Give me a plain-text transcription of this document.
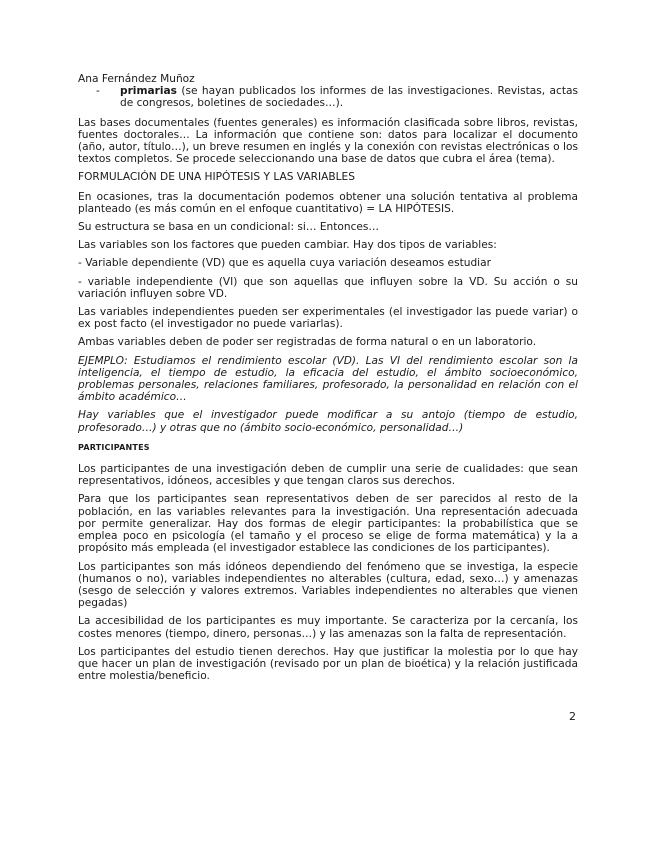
Ana Fernández Muñoz
-	primarias (se hayan publicados los informes de las investigaciones. Revistas, actas de congresos, boletines de sociedades…).

Las bases documentales (fuentes generales) es información clasificada sobre libros, revistas, fuentes doctorales… La información que contiene son: datos para localizar el documento (año, autor, título…), un breve resumen en inglés y la conexión con revistas electrónicas o los textos completos. Se procede seleccionando una base de datos que cubra el área (tema).

FORMULACIÓN DE UNA HIPÓTESIS Y LAS VARIABLES

En ocasiones, tras la documentación podemos obtener una solución tentativa al problema planteado (es más común en el enfoque cuantitativo) = LA HIPÓTESIS.

Su estructura se basa en un condicional: si… Entonces…

Las variables son los factores que pueden cambiar. Hay dos tipos de variables:

- Variable dependiente (VD) que es aquella cuya variación deseamos estudiar

- variable independiente (VI) que son aquellas que influyen sobre la VD. Su acción o su variación influyen sobre VD.

Las variables independientes pueden ser experimentales (el investigador las puede variar) o ex post facto (el investigador no puede variarlas).

Ambas variables deben de poder ser registradas de forma natural o en un laboratorio.

EJEMPLO: Estudiamos el rendimiento escolar (VD). Las VI del rendimiento escolar son la inteligencia, el tiempo de estudio, la eficacia del estudio, el ámbito socioeconómico, problemas personales, relaciones familiares, profesorado, la personalidad en relación con el ámbito académico…

Hay variables que el investigador puede modificar a su antojo (tiempo de estudio, profesorado…) y otras que no (ámbito socio-económico, personalidad…)

PARTICIPANTES

Los participantes de una investigación deben de cumplir una serie de cualidades: que sean representativos, idóneos, accesibles y que tengan claros sus derechos.

Para que los participantes sean representativos deben de ser parecidos al resto de la población, en las variables relevantes para la investigación. Una representación adecuada por permite generalizar. Hay dos formas de elegir participantes: la probabilística que se emplea poco en psicología (el tamaño y el proceso se elige de forma matemática) y la a propósito más empleada (el investigador establece las condiciones de los participantes).

Los participantes son más idóneos dependiendo del fenómeno que se investiga, la especie (humanos o no), variables independientes no alterables (cultura, edad, sexo…) y amenazas (sesgo de selección y valores extremos. Variables independientes no alterables que vienen pegadas)

La accesibilidad de los participantes es muy importante. Se caracteriza por la cercanía, los costes menores (tiempo, dinero, personas…) y las amenazas son la falta de representación.

Los participantes del estudio tienen derechos. Hay que justificar la molestia por lo que hay que hacer un plan de investigación (revisado por un plan de bioética) y la relación justificada entre molestia/beneficio.

2
